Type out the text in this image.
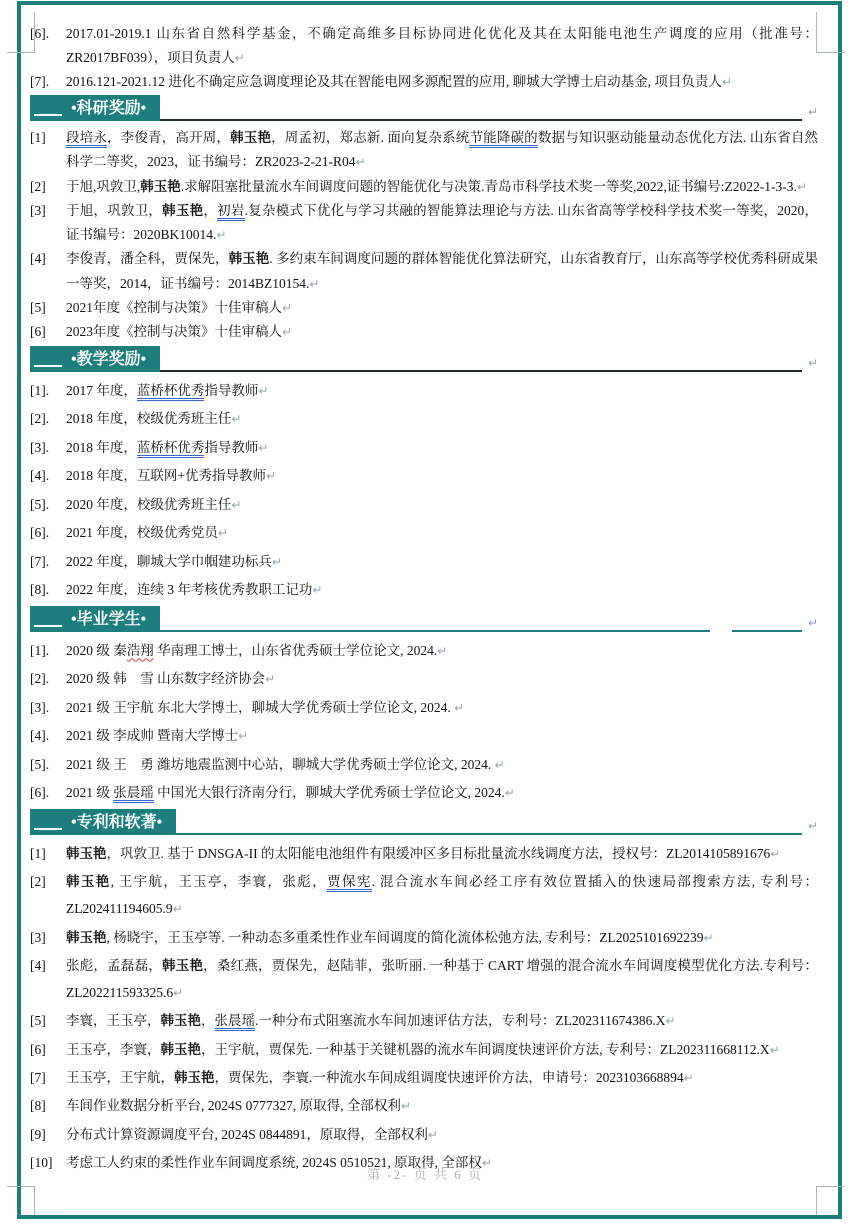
[6].	2017.01-2019.1 山东省自然科学基金，不确定高维多目标协同进化优化及其在太阳能电池生产调度的应用（批准号：ZR2017BF039），项目负责人↵
[7].	2016.121-2021.12 进化不确定应急调度理论及其在智能电网多源配置的应用, 聊城大学博士启动基金, 项目负责人↵
•科研奖励•	↵
[1]	段培永，李俊青，高开周，韩玉艳，周孟初，郑志新. 面向复杂系统节能降碳的数据与知识驱动能量动态优化方法. 山东省自然科学二等奖，2023，证书编号：ZR2023-2-21-R04↵
[2]	于旭,巩敦卫,韩玉艳.求解阻塞批量流水车间调度问题的智能优化与决策.青岛市科学技术奖一等奖,2022,证书编号:Z2022-1-3-3.↵
[3]	于旭，巩敦卫，韩玉艳，初岩.复杂模式下优化与学习共融的智能算法理论与方法. 山东省高等学校科学技术奖一等奖，2020，证书编号：2020BK10014.↵
[4]	李俊青，潘全科，贾保先，韩玉艳. 多约束车间调度问题的群体智能优化算法研究，山东省教育厅，山东高等学校优秀科研成果一等奖，2014，证书编号：2014BZ10154.↵
[5]	2021年度《控制与决策》十佳审稿人↵
[6]	2023年度《控制与决策》十佳审稿人↵
•教学奖励•	↵
[1].	2017 年度，蓝桥杯优秀指导教师↵
[2].	2018 年度，校级优秀班主任↵
[3].	2018 年度，蓝桥杯优秀指导教师↵
[4].	2018 年度，互联网+优秀指导教师↵
[5].	2020 年度，校级优秀班主任↵
[6].	2021 年度，校级优秀党员↵
[7].	2022 年度，聊城大学巾帼建功标兵↵
[8].	2022 年度，连续 3 年考核优秀教职工记功↵
•毕业学生•	↵
[1].	2020 级 秦浩翔 华南理工博士，山东省优秀硕士学位论文, 2024.↵
[2].	2020 级 韩　雪 山东数字经济协会↵
[3].	2021 级 王宇航 东北大学博士，聊城大学优秀硕士学位论文, 2024. ↵
[4].	2021 级 李成帅 暨南大学博士↵
[5].	2021 级 王　勇 潍坊地震监测中心站，聊城大学优秀硕士学位论文, 2024. ↵
[6].	2021 级 张晨瑶 中国光大银行济南分行，聊城大学优秀硕士学位论文, 2024.↵
•专利和软著•	↵
[1]	韩玉艳，巩敦卫. 基于 DNSGA-II 的太阳能电池组件有限缓冲区多目标批量流水线调度方法，授权号：ZL2014105891676↵
[2]	韩玉艳, 王宇航，王玉亭，李寰，张彪，贾保宪. 混合流水车间必经工序有效位置插入的快速局部搜索方法, 专利号：ZL202411194605.9↵
[3]	韩玉艳, 杨晓宇，王玉亭等. 一种动态多重柔性作业车间调度的简化流体松弛方法, 专利号：ZL2025101692239↵
[4]	张彪，孟磊磊，韩玉艳，桑红燕，贾保先，赵陆菲，张昕丽. 一种基于 CART 增强的混合流水车间调度模型优化方法.专利号：ZL202211593325.6↵
[5]	李寰，王玉亭，韩玉艳，张晨瑶.一种分布式阻塞流水车间加速评估方法，专利号：ZL202311674386.X↵
[6]	王玉亭，李寰，韩玉艳，王宇航，贾保先. 一种基于关键机器的流水车间调度快速评价方法, 专利号：ZL202311668112.X↵
[7]	王玉亭，王宇航，韩玉艳，贾保先，李寰.一种流水车间成组调度快速评价方法，申请号：2023103668894↵
[8]	车间作业数据分析平台, 2024S 0777327, 原取得, 全部权利↵
[9]	分布式计算资源调度平台, 2024S 0844891，原取得，全部权利↵
[10]	考虑工人约束的柔性作业车间调度系统, 2024S 0510521, 原取得, 全部权↵
第 -2- 页 共 6 页
